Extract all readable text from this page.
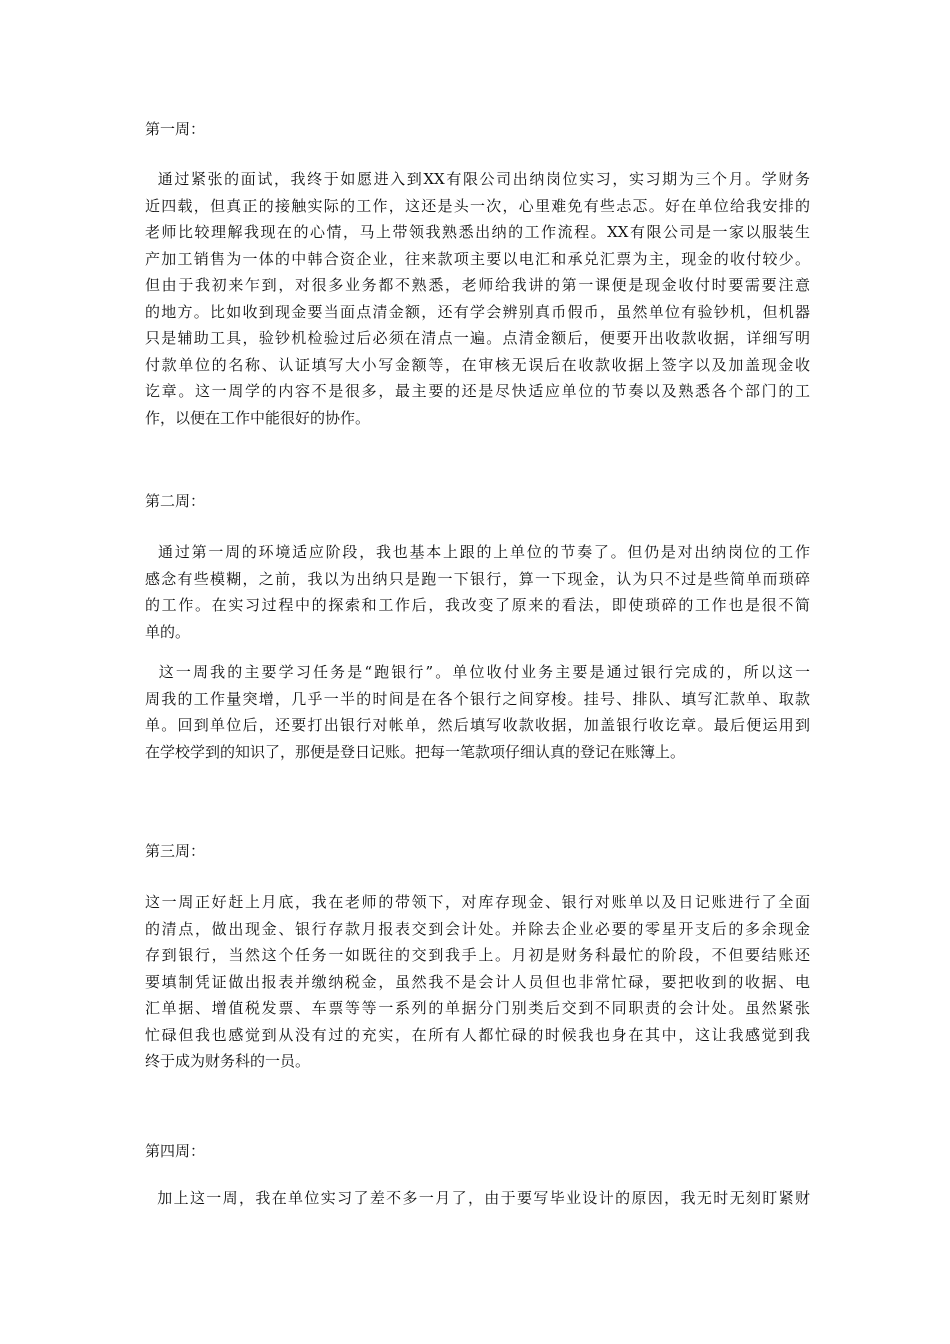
第一周：
通过紧张的面试，我终于如愿进入到XX有限公司出纳岗位实习，实习期为三个月。学财务
近四载，但真正的接触实际的工作，这还是头一次，心里难免有些忐忑。好在单位给我安排的
老师比较理解我现在的心情，马上带领我熟悉出纳的工作流程。XX有限公司是一家以服装生
产加工销售为一体的中韩合资企业，往来款项主要以电汇和承兑汇票为主，现金的收付较少。
但由于我初来乍到，对很多业务都不熟悉，老师给我讲的第一课便是现金收付时要需要注意
的地方。比如收到现金要当面点清金额，还有学会辨别真币假币，虽然单位有验钞机，但机器
只是辅助工具，验钞机检验过后必须在清点一遍。点清金额后，便要开出收款收据，详细写明
付款单位的名称、认证填写大小写金额等，在审核无误后在收款收据上签字以及加盖现金收
讫章。这一周学的内容不是很多，最主要的还是尽快适应单位的节奏以及熟悉各个部门的工
作，以便在工作中能很好的协作。
第二周：
通过第一周的环境适应阶段，我也基本上跟的上单位的节奏了。但仍是对出纳岗位的工作
感念有些模糊，之前，我以为出纳只是跑一下银行，算一下现金，认为只不过是些简单而琐碎
的工作。在实习过程中的探索和工作后，我改变了原来的看法，即使琐碎的工作也是很不简
单的。
这一周我的主要学习任务是“跑银行”。单位收付业务主要是通过银行完成的，所以这一
周我的工作量突增，几乎一半的时间是在各个银行之间穿梭。挂号、排队、填写汇款单、取款
单。回到单位后，还要打出银行对帐单，然后填写收款收据，加盖银行收讫章。最后便运用到
在学校学到的知识了，那便是登日记账。把每一笔款项仔细认真的登记在账簿上。
第三周：
这一周正好赶上月底，我在老师的带领下，对库存现金、银行对账单以及日记账进行了全面
的清点，做出现金、银行存款月报表交到会计处。并除去企业必要的零星开支后的多余现金
存到银行，当然这个任务一如既往的交到我手上。月初是财务科最忙的阶段，不但要结账还
要填制凭证做出报表并缴纳税金，虽然我不是会计人员但也非常忙碌，要把收到的收据、电
汇单据、增值税发票、车票等等一系列的单据分门别类后交到不同职责的会计处。虽然紧张
忙碌但我也感觉到从没有过的充实，在所有人都忙碌的时候我也身在其中，这让我感觉到我
终于成为财务科的一员。
第四周：
加上这一周，我在单位实习了差不多一月了，由于要写毕业设计的原因，我无时无刻盯紧财
